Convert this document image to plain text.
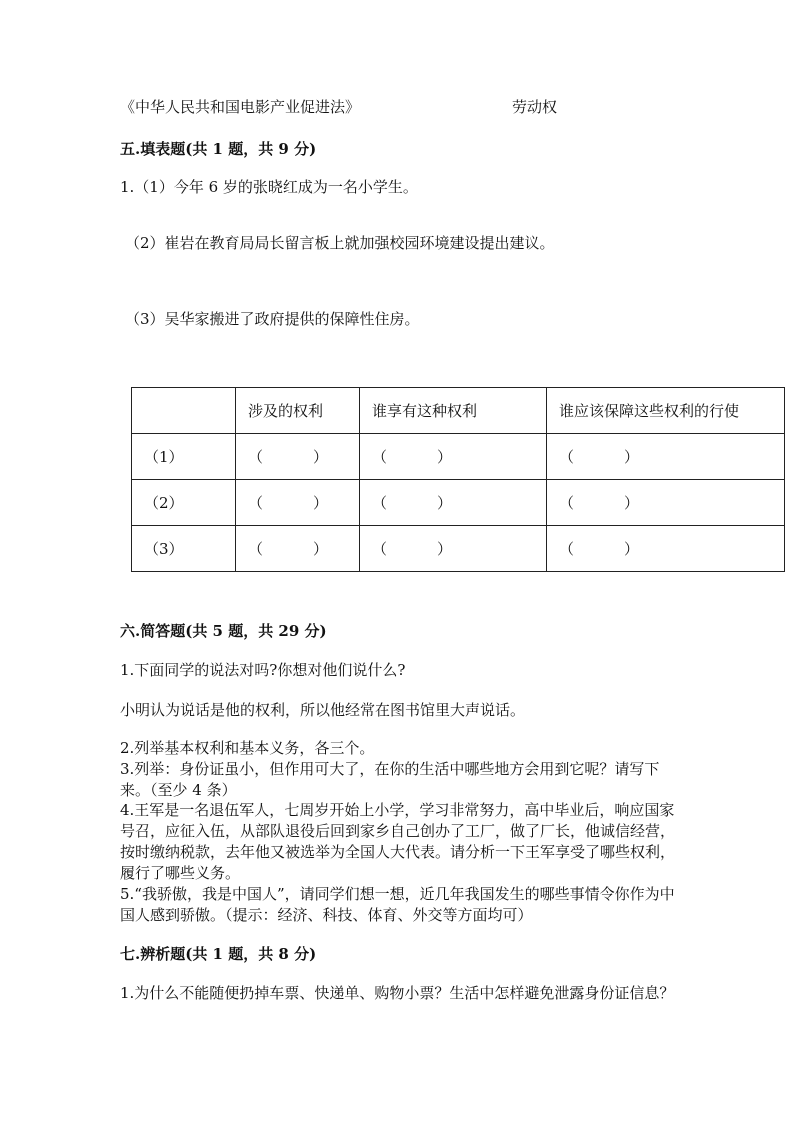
《中华人民共和国电影产业促进法》	劳动权
五.填表题(共 1 题，共 9 分)
1.（1）今年 6 岁的张晓红成为一名小学生。
（2）崔岩在教育局局长留言板上就加强校园环境建设提出建议。
（3）吴华家搬进了政府提供的保障性住房。
	涉及的权利	谁享有这种权利	谁应该保障这些权利的行使
（1）	（ ）	（ ）	（ ）
（2）	（ ）	（ ）	（ ）
（3）	（ ）	（ ）	（ ）
六.简答题(共 5 题，共 29 分)
1.下面同学的说法对吗?你想对他们说什么?
小明认为说话是他的权利，所以他经常在图书馆里大声说话。
2.列举基本权利和基本义务，各三个。
3.列举：身份证虽小，但作用可大了，在你的生活中哪些地方会用到它呢？请写下来。（至少 4 条）
4.王军是一名退伍军人，七周岁开始上小学，学习非常努力，高中毕业后，响应国家号召，应征入伍，从部队退役后回到家乡自己创办了工厂，做了厂长，他诚信经营，按时缴纳税款，去年他又被选举为全国人大代表。请分析一下王军享受了哪些权利，履行了哪些义务。
5.“我骄傲，我是中国人”，请同学们想一想，近几年我国发生的哪些事情令你作为中国人感到骄傲。（提示：经济、科技、体育、外交等方面均可）
七.辨析题(共 1 题，共 8 分)
1.为什么不能随便扔掉车票、快递单、购物小票？生活中怎样避免泄露身份证信息？
